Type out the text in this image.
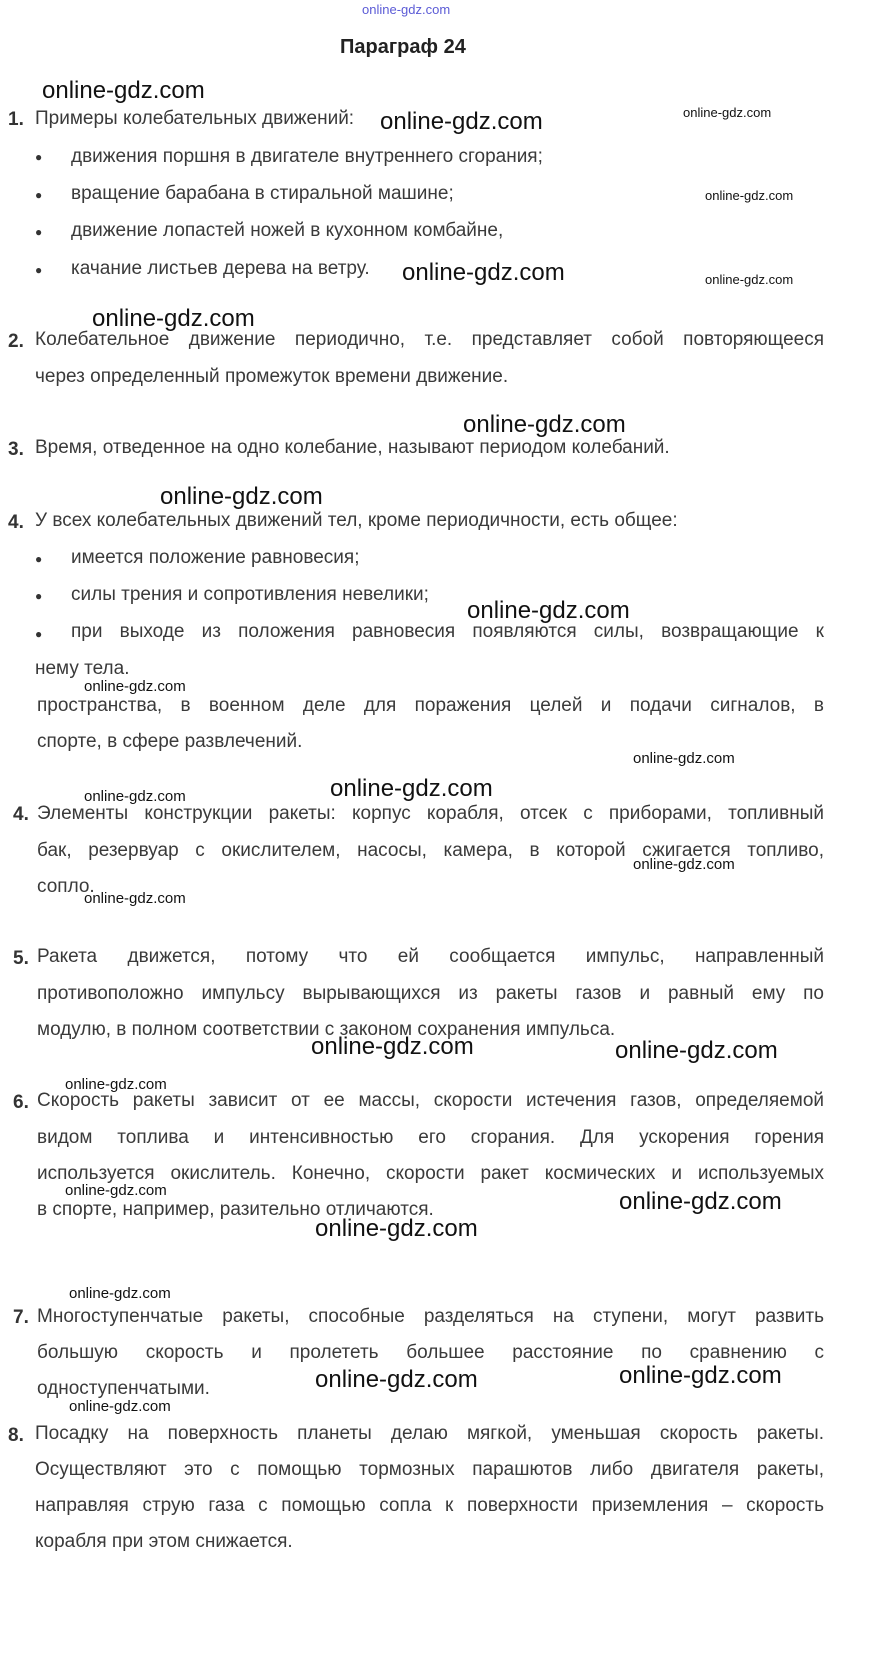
online-gdz.com
Параграф 24
1. Примеры колебательных движений:
● движения поршня в двигателе внутреннего сгорания;
● вращение барабана в стиральной машине;
● движение лопастей ножей в кухонном комбайне,
● качание листьев дерева на ветру.
2. Колебательное движение периодично, т.е. представляет собой повторяющееся
через определенный промежуток времени движение.
3. Время, отведенное на одно колебание, называют периодом колебаний.
4. У всех колебательных движений тел, кроме периодичности, есть общее:
● имеется положение равновесия;
● силы трения и сопротивления невелики;
● при выходе из положения равновесия появляются силы, возвращающие к
нему тела.
пространства, в военном деле для поражения целей и подачи сигналов, в
спорте, в сфере развлечений.
4. Элементы конструкции ракеты: корпус корабля, отсек с приборами, топливный
бак, резервуар с окислителем, насосы, камера, в которой сжигается топливо,
сопло.
5. Ракета движется, потому что ей сообщается импульс, направленный
противоположно импульсу вырывающихся из ракеты газов и равный ему по
модулю, в полном соответствии с законом сохранения импульса.
6. Скорость ракеты зависит от ее массы, скорости истечения газов, определяемой
видом топлива и интенсивностью его сгорания. Для ускорения горения
используется окислитель. Конечно, скорости ракет космических и используемых
в спорте, например, разительно отличаются.
7. Многоступенчатые ракеты, способные разделяться на ступени, могут развить
большую скорость и пролететь большее расстояние по сравнению с
одноступенчатыми.
8. Посадку на поверхность планеты делаю мягкой, уменьшая скорость ракеты.
Осуществляют это с помощью тормозных парашютов либо двигателя ракеты,
направляя струю газа с помощью сопла к поверхности приземления – скорость
корабля при этом снижается.
online-gdz.com
online-gdz.com	online-gdz.com
online-gdz.com
online-gdz.com	online-gdz.com
online-gdz.com
online-gdz.com
online-gdz.com
online-gdz.com
online-gdz.com
online-gdz.com
online-gdz.com
online-gdz.com
online-gdz.com
online-gdz.com
online-gdz.com	online-gdz.com
online-gdz.com
online-gdz.com	online-gdz.com
online-gdz.com
online-gdz.com
online-gdz.com	online-gdz.com
online-gdz.com
